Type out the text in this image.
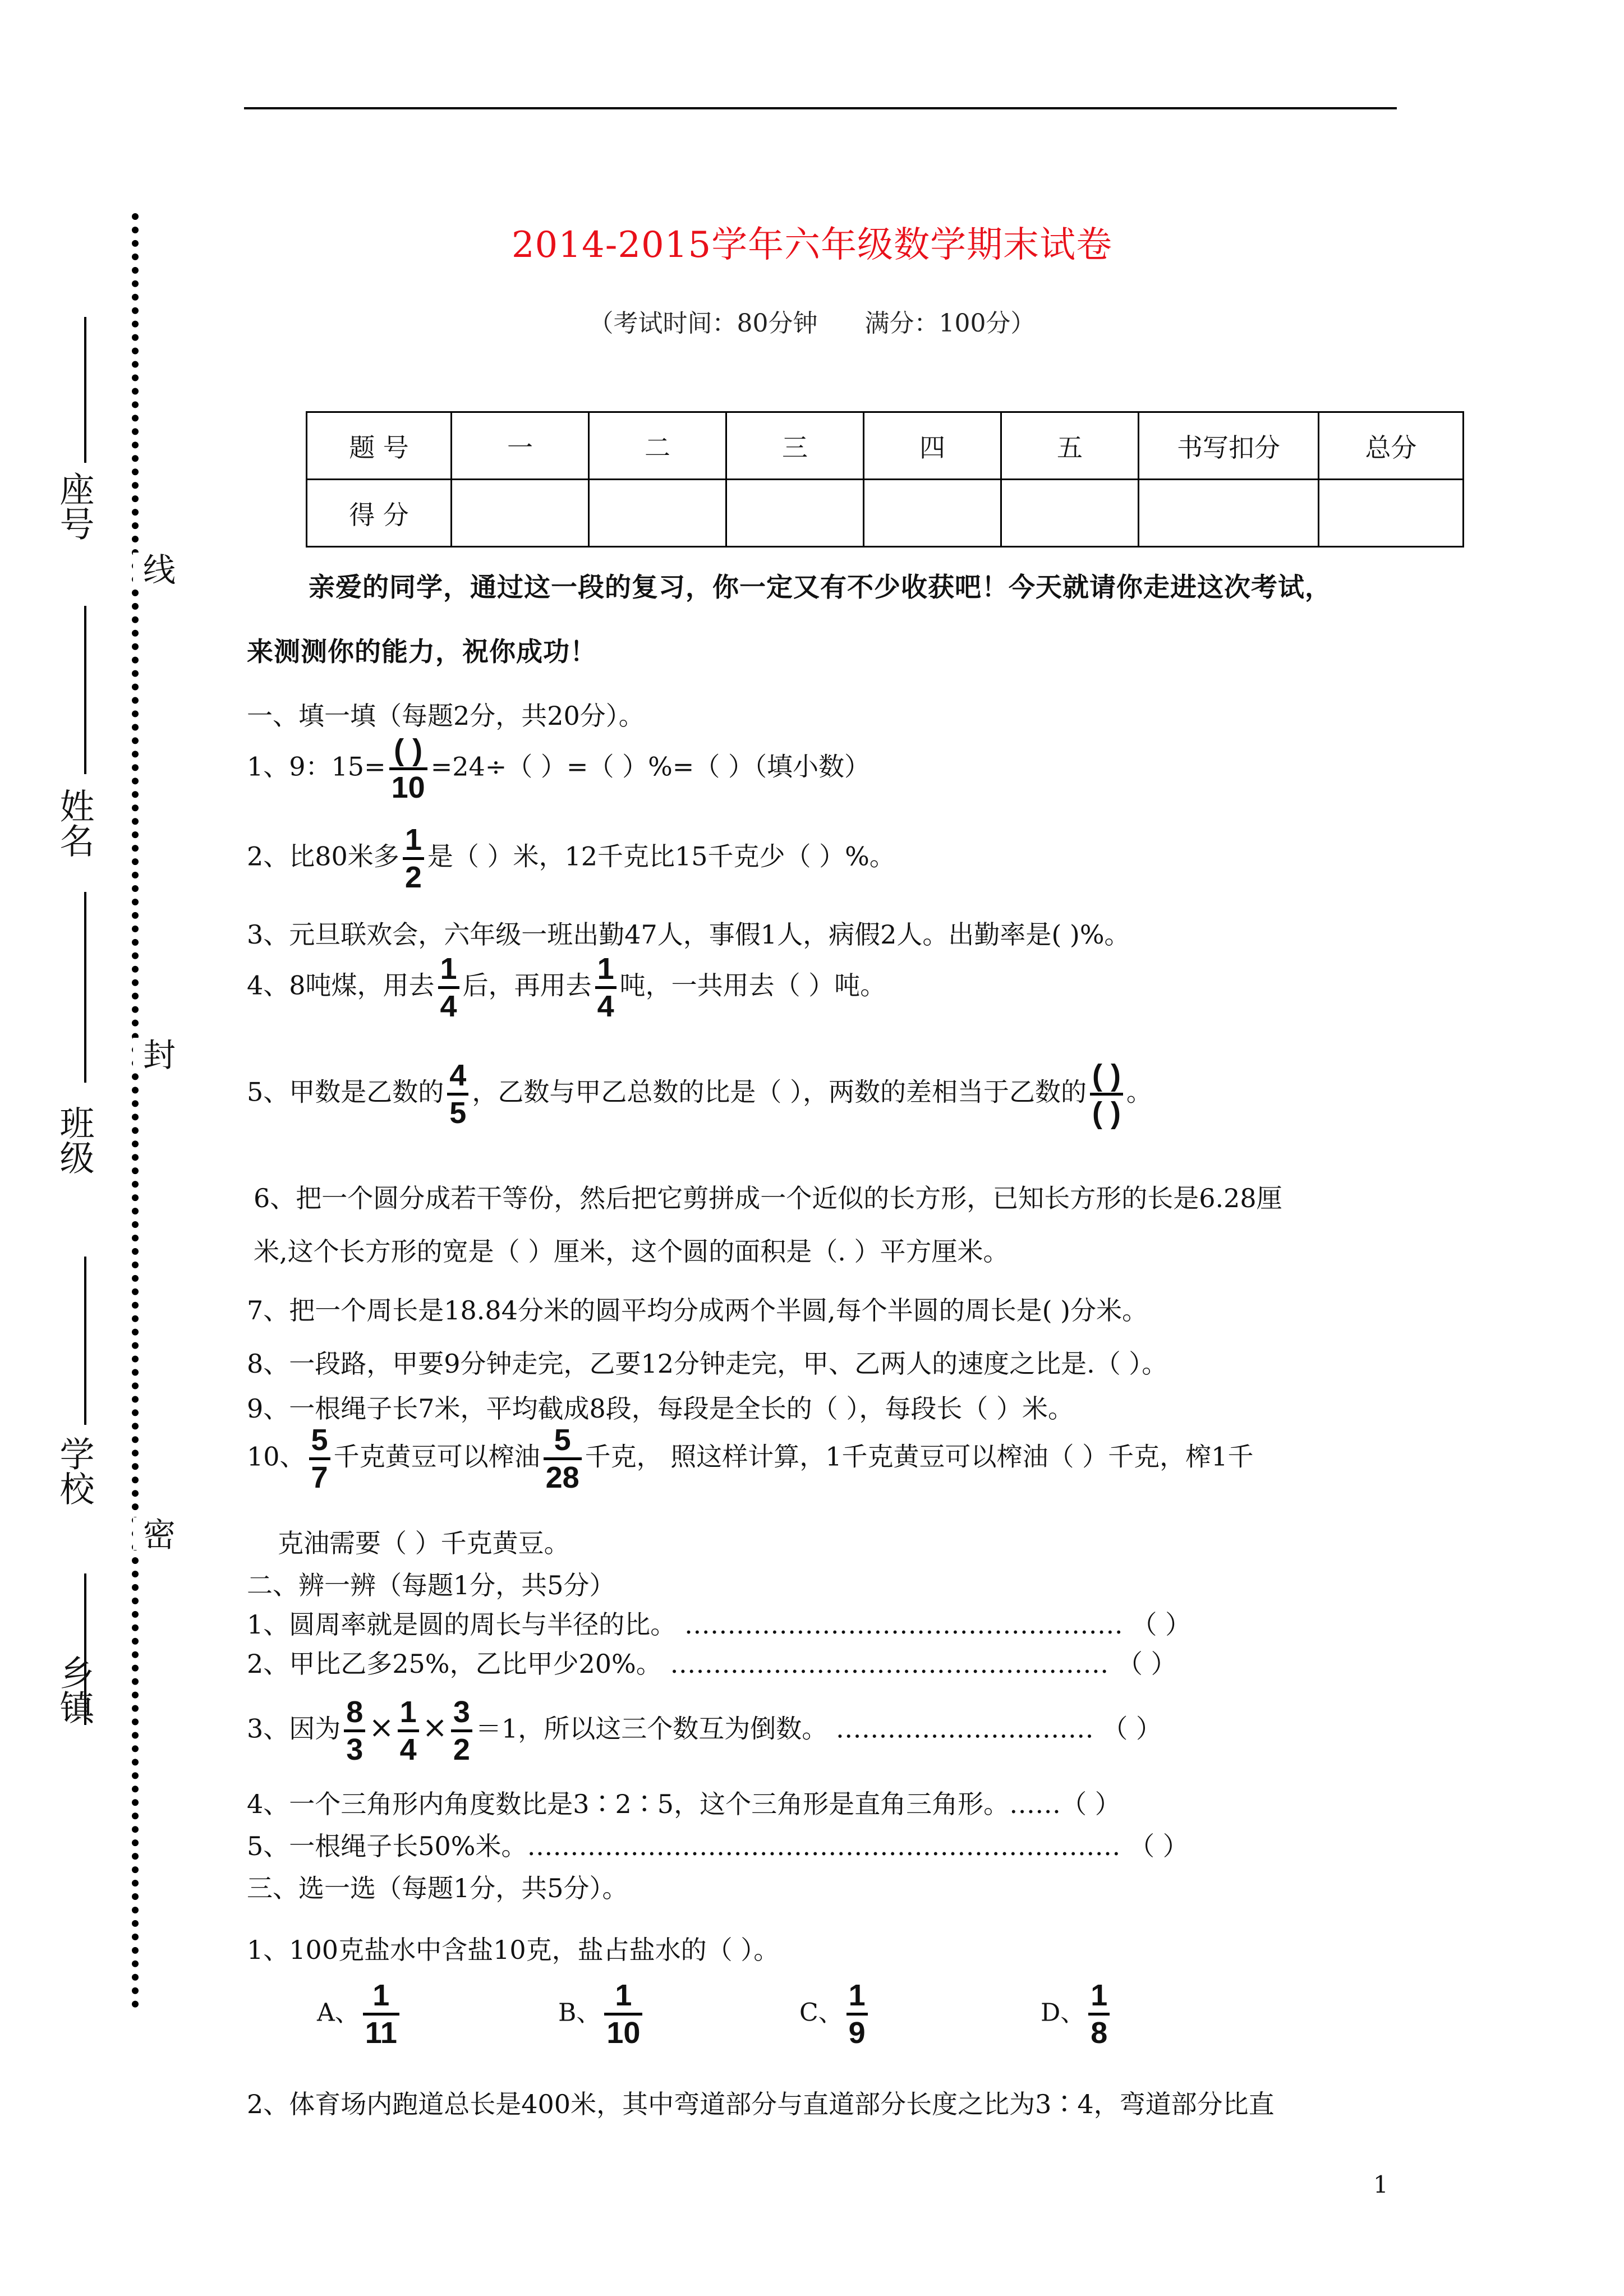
座号
线
姓名
封
班级
学校
密
乡镇
2014-2015学年六年级数学期末试卷
（考试时间：80分钟      满分：100分）
题 号	一	二	三	四	五	书写扣分	总分
得 分							
亲爱的同学，通过这一段的复习，你一定又有不少收获吧！今天就请你走进这次考试，
来测测你的能力，祝你成功！
一、填一填（每题2分，共20分）。
1、9：$15= \frac{( )}{10} =24\div$（ ）=（ ）%=（ ）（填小数）
2、比80米多 $\frac{1}{2}$ 是（ ）米，12千克比15千克少（ ）%。
3、元旦联欢会，六年级一班出勤47人，事假1人，病假2人。出勤率是( )%。
4、8吨煤，用去 $\frac{1}{4}$ 后，再用去 $\frac{1}{4}$ 吨，一共用去（ ）吨。
5、甲数是乙数的 $\frac{4}{5}$ ，乙数与甲乙总数的比是（ ），两数的差相当于乙数的 $\frac{( )}{( )}$ 。
6、把一个圆分成若干等份，然后把它剪拼成一个近似的长方形，已知长方形的长是6.28厘
米,这个长方形的宽是（ ）厘米，这个圆的面积是（. ）平方厘米。
7、把一个周长是18.84分米的圆平均分成两个半圆,每个半圆的周长是( )分米。
8、一段路，甲要9分钟走完，乙要12分钟走完，甲、乙两人的速度之比是.（ ）。
9、一根绳子长7米，平均截成8段，每段是全长的（ ），每段长（ ）米。
10、 $\frac{5}{7}$ 千克黄豆可以榨油 $\frac{5}{28}$ 千克， 照这样计算，1千克黄豆可以榨油（ ）千克，榨1千
克油需要（ ）千克黄豆。
二、辨一辨（每题1分，共5分）
1、圆周率就是圆的周长与半径的比。 …………………………………………… （ ）
2、甲比乙多25%，乙比甲少20%。 …………………………………………… （ ）
3、因为 $\frac{8}{3} \times \frac{1}{4} \times \frac{3}{2} =1$，所以这三个数互为倒数。 ………………………… （ ）
4、一个三角形内角度数比是3∶2∶5，这个三角形是直角三角形。……（ ）
5、一根绳子长50%米。…………………………………………………………… （ ）
三、选一选（每题1分，共5分）。
1、100克盐水中含盐10克，盐占盐水的（ ）。
A、 $\frac{1}{11}$	B、 $\frac{1}{10}$	C、 $\frac{1}{9}$	D、 $\frac{1}{8}$
2、体育场内跑道总长是400米，其中弯道部分与直道部分长度之比为3∶4，弯道部分比直
1
